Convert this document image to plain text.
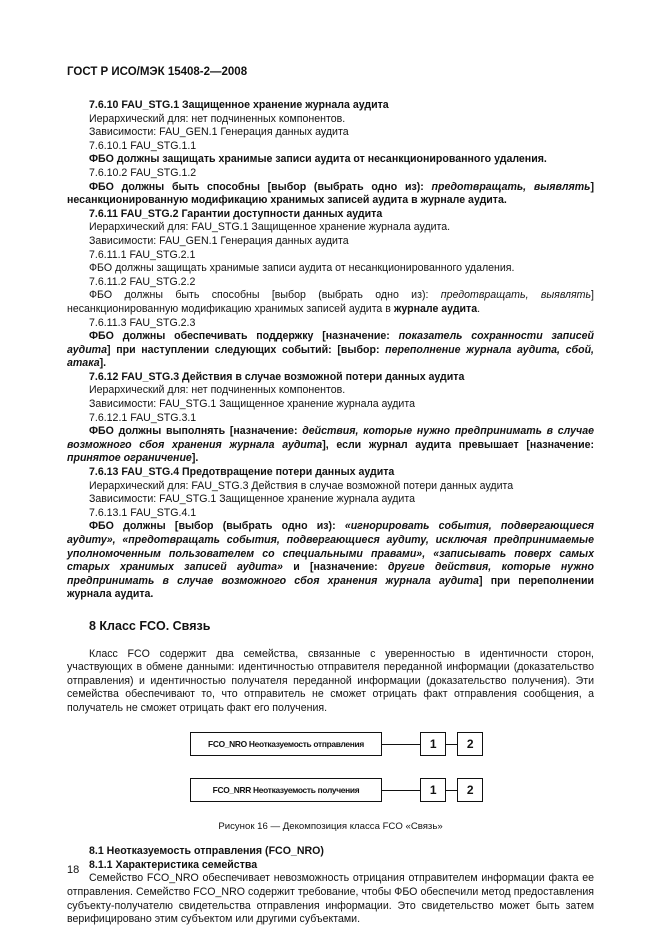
ГОСТ Р ИСО/МЭК 15408-2—2008

7.6.10 FAU_STG.1 Защищенное хранение журнала аудита

Иерархический для: нет подчиненных компонентов.

Зависимости: FAU_GEN.1 Генерация данных аудита

7.6.10.1 FAU_STG.1.1

ФБО должны защищать хранимые записи аудита от несанкционированного удаления.

7.6.10.2 FAU_STG.1.2

ФБО должны быть способны [выбор (выбрать одно из): предотвращать, выявлять] несанкционированную модификацию хранимых записей аудита в журнале аудита.

7.6.11 FAU_STG.2 Гарантии доступности данных аудита

Иерархический для: FAU_STG.1 Защищенное хранение журнала аудита.

Зависимости: FAU_GEN.1 Генерация данных аудита

7.6.11.1 FAU_STG.2.1

ФБО должны защищать хранимые записи аудита от несанкционированного удаления.

7.6.11.2 FAU_STG.2.2

ФБО должны быть способны [выбор (выбрать одно из): предотвращать, выявлять] несанкционированную модификацию хранимых записей аудита в журнале аудита.

7.6.11.3 FAU_STG.2.3

ФБО должны обеспечивать поддержку [назначение: показатель сохранности записей аудита] при наступлении следующих событий: [выбор: переполнение журнала аудита, сбой, атака].

7.6.12 FAU_STG.3 Действия в случае возможной потери данных аудита

Иерархический для: нет подчиненных компонентов.

Зависимости: FAU_STG.1 Защищенное хранение журнала аудита

7.6.12.1 FAU_STG.3.1

ФБО должны выполнять [назначение: действия, которые нужно предпринимать в случае возможного сбоя хранения журнала аудита], если журнал аудита превышает [назначение: принятое ограничение].

7.6.13 FAU_STG.4 Предотвращение потери данных аудита

Иерархический для: FAU_STG.3 Действия в случае возможной потери данных аудита

Зависимости: FAU_STG.1 Защищенное хранение журнала аудита

7.6.13.1 FAU_STG.4.1

ФБО должны [выбор (выбрать одно из): «игнорировать события, подвергающиеся аудиту», «предотвращать события, подвергающиеся аудиту, исключая предпринимаемые уполномоченным пользователем со специальными правами», «записывать поверх самых старых хранимых записей аудита» и [назначение: другие действия, которые нужно предпринимать в случае возможного сбоя хранения журнала аудита] при переполнении журнала аудита.

8 Класс FCO. Связь

Класс FCO содержит два семейства, связанные с уверенностью в идентичности сторон, участвующих в обмене данными: идентичностью отправителя переданной информации (доказательство отправления) и идентичностью получателя переданной информации (доказательство получения). Эти семейства обеспечивают то, что отправитель не сможет отрицать факт отправления сообщения, а получатель не сможет отрицать факт его получения.

FCO_NRO Неотказуемость отправления	1	2
FCO_NRR Неотказуемость получения	1	2
Рисунок 16 — Декомпозиция класса FCO «Связь»

8.1 Неотказуемость отправления (FCO_NRO)

8.1.1 Характеристика семейства

Семейство FCO_NRO обеспечивает невозможность отрицания отправителем информации факта ее отправления. Семейство FCO_NRO содержит требование, чтобы ФБО обеспечили метод предоставления субъекту-получателю свидетельства отправления информации. Это свидетельство может быть затем верифицировано этим субъектом или другими субъектами.

18
